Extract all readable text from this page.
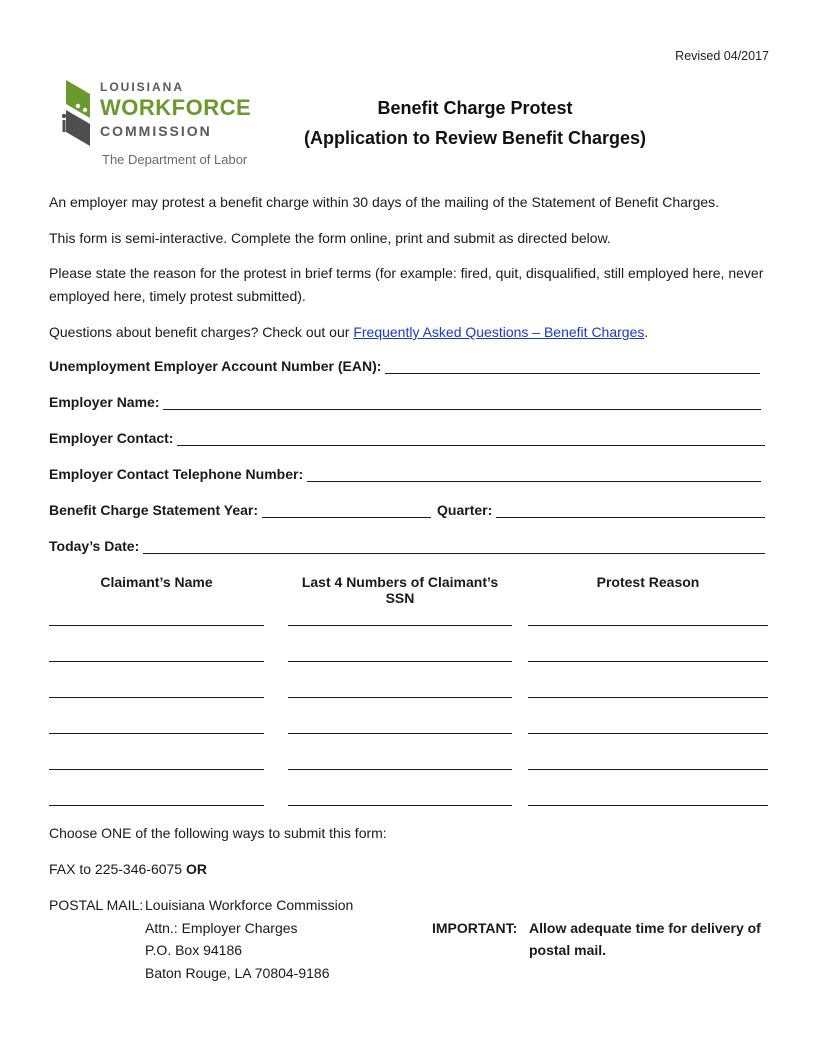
Revised 04/2017
LOUISIANA
WORKFORCE
COMMISSION
The Department of Labor
Benefit Charge Protest
(Application to Review Benefit Charges)
An employer may protest a benefit charge within 30 days of the mailing of the Statement of Benefit Charges.
This form is semi-interactive. Complete the form online, print and submit as directed below.
Please state the reason for the protest in brief terms (for example: fired, quit, disqualified, still employed here, never employed here, timely protest submitted).
Questions about benefit charges? Check out our Frequently Asked Questions – Benefit Charges.
Unemployment Employer Account Number (EAN):
Employer Name:
Employer Contact:
Employer Contact Telephone Number:
Benefit Charge Statement Year:	Quarter:
Today’s Date:
Claimant’s Name	Last 4 Numbers of Claimant’s SSN
Protest Reason
Choose ONE of the following ways to submit this form:
FAX to 225-346-6075 OR
POSTAL MAIL: Louisiana Workforce Commission
Attn.: Employer Charges
P.O. Box 94186
Baton Rouge, LA 70804-9186
IMPORTANT: Allow adequate time for delivery of
postal mail.
